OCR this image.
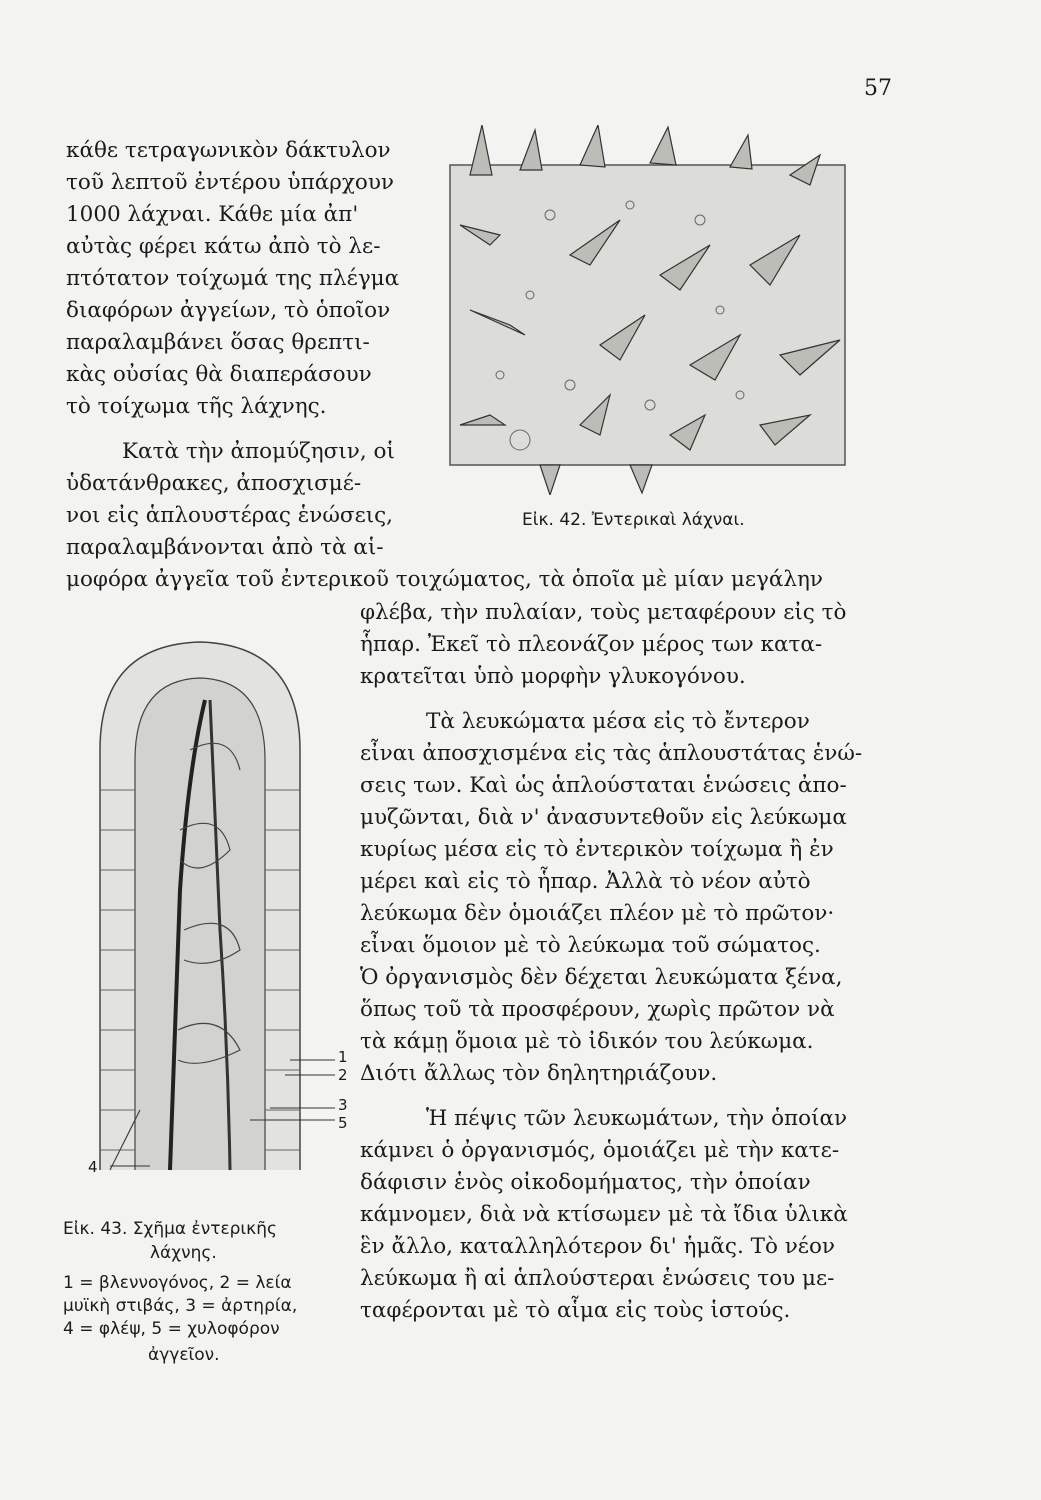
57
Εἰκ. 42. Ἐντερικαὶ λάχναι.
1
2
3
5
4
Εἰκ. 43. Σχῆμα ἐντερικῆς
λάχνης.
1 = βλεννογόνος, 2 = λεία
μυϊκὴ στιβάς, 3 = ἀρτηρία,
4 = φλέψ, 5 = χυλοφόρον
ἀγγεῖον.
κάθε τετραγωνικὸν δάκτυλον
τοῦ λεπτοῦ ἐντέρου ὑπάρχουν
1000 λάχναι. Κάθε μία ἀπ'
αὐτὰς φέρει κάτω ἀπὸ τὸ λε-
πτότατον τοίχωμά της πλέγμα
διαφόρων ἀγγείων, τὸ ὁποῖον
παραλαμβάνει ὅσας θρεπτι-
κὰς οὐσίας θὰ διαπεράσουν
τὸ τοίχωμα τῆς λάχνης.
Κατὰ τὴν ἀπομύζησιν, οἱ
ὑδατάνθρακες, ἀποσχισμέ-
νοι εἰς ἁπλουστέρας ἑνώσεις,
παραλαμβάνονται ἀπὸ τὰ αἱ-
μοφόρα ἀγγεῖα τοῦ ἐντερικοῦ τοιχώματος, τὰ ὁποῖα μὲ μίαν μεγάλην
φλέβα, τὴν πυλαίαν, τοὺς μεταφέρουν εἰς τὸ
ἧπαρ. Ἐκεῖ τὸ πλεονάζον μέρος των κατα-
κρατεῖται ὑπὸ μορφὴν γλυκογόνου.
Τὰ λευκώματα μέσα εἰς τὸ ἔντερον
εἶναι ἀποσχισμένα εἰς τὰς ἁπλουστάτας ἑνώ-
σεις των. Καὶ ὡς ἁπλούσταται ἑνώσεις ἀπο-
μυζῶνται, διὰ ν' ἀνασυντεθοῦν εἰς λεύκωμα
κυρίως μέσα εἰς τὸ ἐντερικὸν τοίχωμα ἢ ἐν
μέρει καὶ εἰς τὸ ἧπαρ. Ἀλλὰ τὸ νέον αὐτὸ
λεύκωμα δὲν ὁμοιάζει πλέον μὲ τὸ πρῶτον·
εἶναι ὅμοιον μὲ τὸ λεύκωμα τοῦ σώματος.
Ὁ ὀργανισμὸς δὲν δέχεται λευκώματα ξένα,
ὅπως τοῦ τὰ προσφέρουν, χωρὶς πρῶτον νὰ
τὰ κάμῃ ὅμοια μὲ τὸ ἰδικόν του λεύκωμα.
Διότι ἄλλως τὸν δηλητηριάζουν.
Ἡ πέψις τῶν λευκωμάτων, τὴν ὁποίαν
κάμνει ὁ ὀργανισμός, ὁμοιάζει μὲ τὴν κατε-
δάφισιν ἑνὸς οἰκοδομήματος, τὴν ὁποίαν
κάμνομεν, διὰ νὰ κτίσωμεν μὲ τὰ ἴδια ὑλικὰ
ἓν ἄλλο, καταλληλότερον δι' ἡμᾶς. Τὸ νέον
λεύκωμα ἢ αἱ ἁπλούστεραι ἑνώσεις του με-
ταφέρονται μὲ τὸ αἷμα εἰς τοὺς ἱστούς.
